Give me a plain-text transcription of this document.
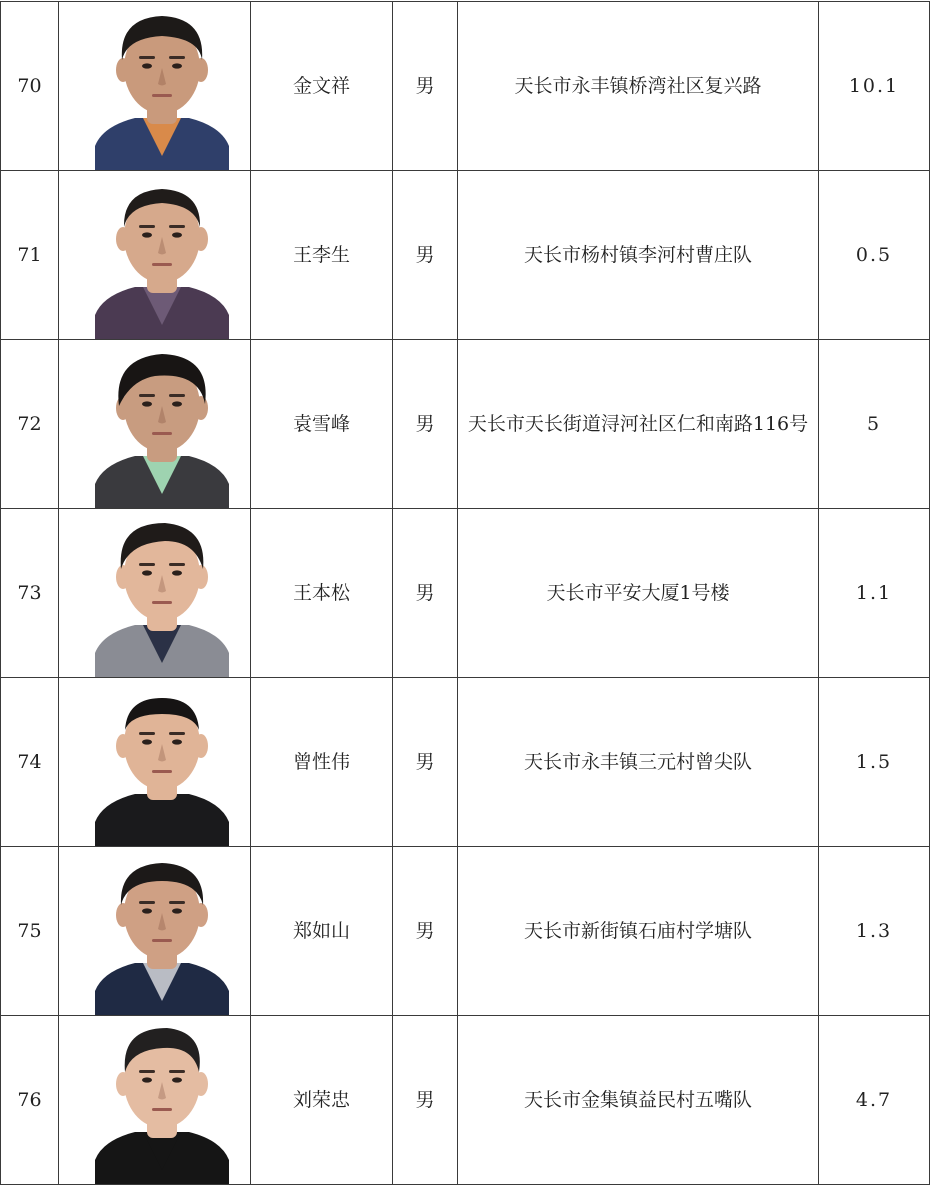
70		金文祥	男	天长市永丰镇桥湾社区复兴路	10.1
71		王李生	男	天长市杨村镇李河村曹庄队	0.5
72		袁雪峰	男	天长市天长街道浔河社区仁和南路116号	5
73		王本松	男	天长市平安大厦1号楼	1.1
74		曾性伟	男	天长市永丰镇三元村曾尖队	1.5
75		郑如山	男	天长市新街镇石庙村学塘队	1.3
76		刘荣忠	男	天长市金集镇益民村五嘴队	4.7
